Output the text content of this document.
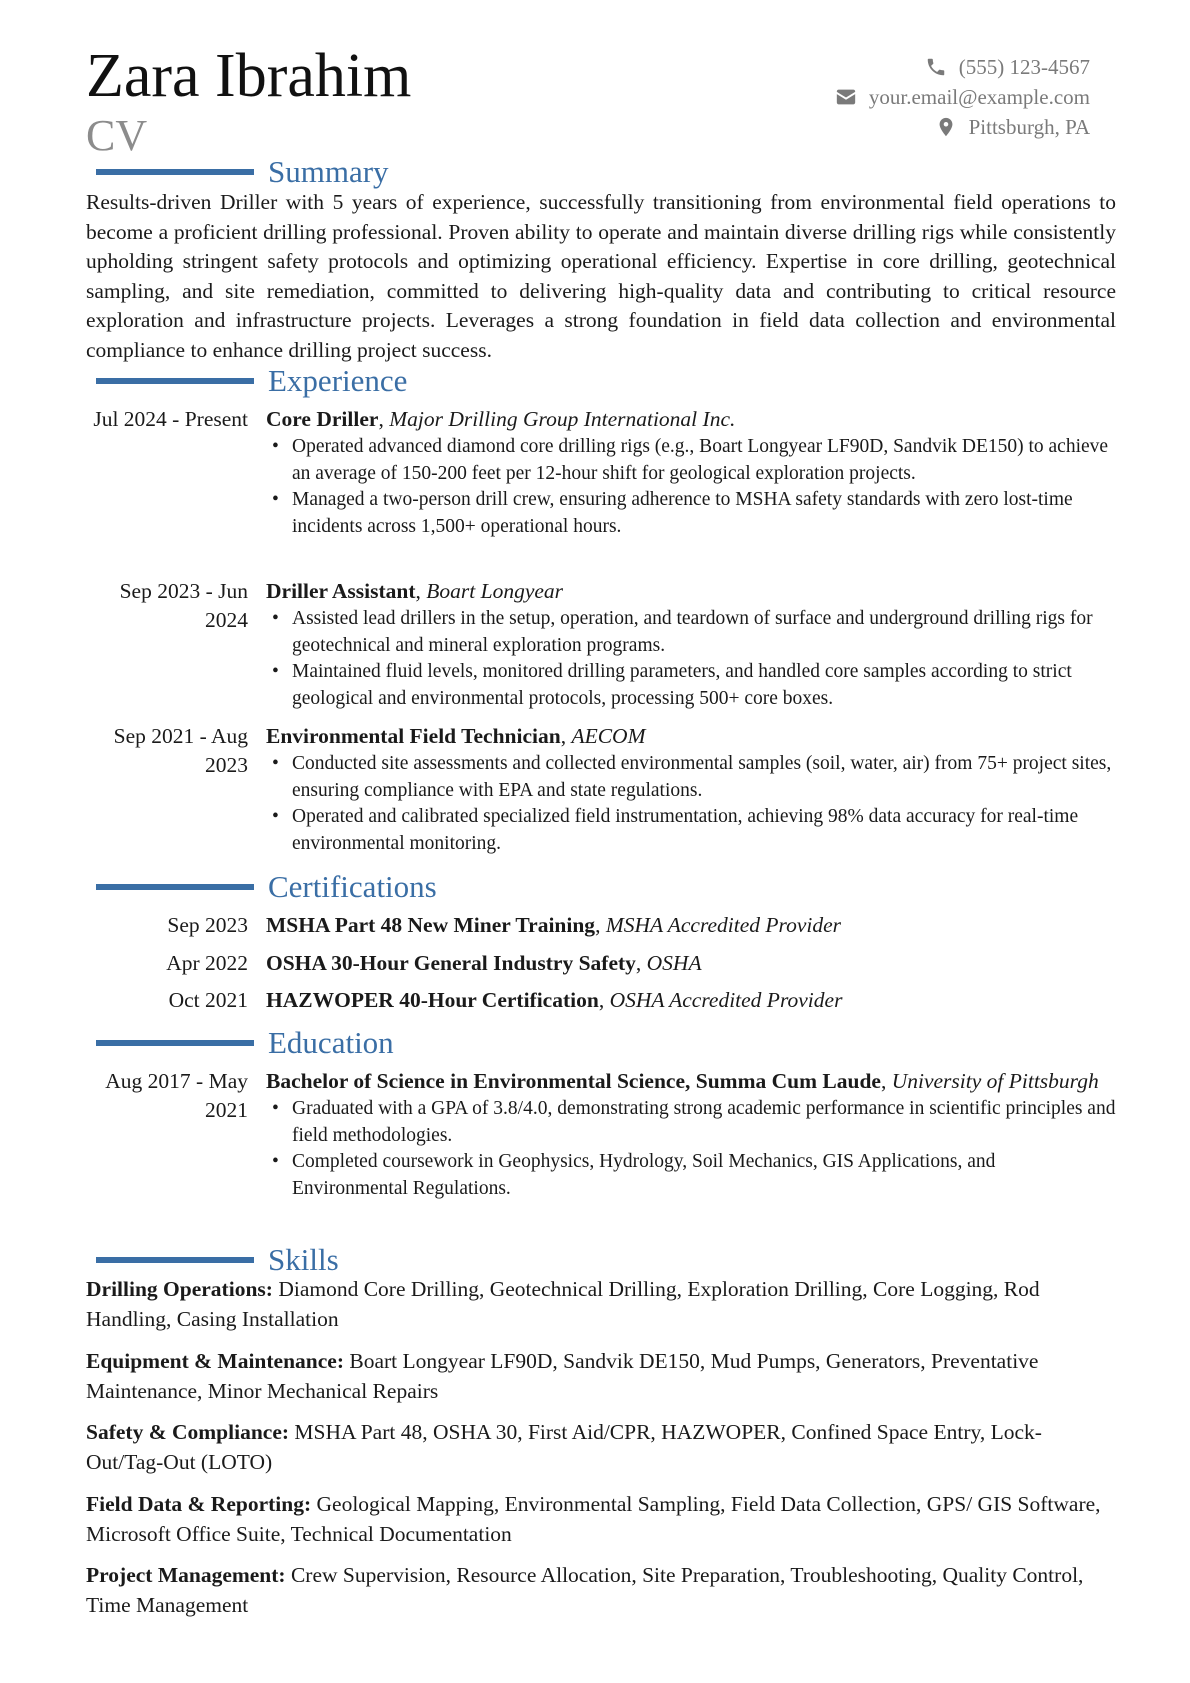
Zara Ibrahim
CV
(555) 123-4567
your.email@example.com
Pittsburgh, PA
Summary
Results-driven Driller with 5 years of experience, successfully transitioning from environmental field operations to become a proficient drilling professional. Proven ability to operate and maintain diverse drilling rigs while consistently upholding stringent safety protocols and optimizing operational efficiency. Expertise in core drilling, geotechnical sampling, and site remediation, committed to delivering high-quality data and contributing to critical resource exploration and infrastructure projects. Leverages a strong foundation in field data collection and environmental compliance to enhance drilling project success.
Experience
Jul 2024 - Present Core Driller, Major Drilling Group International Inc.
• Operated advanced diamond core drilling rigs (e.g., Boart Longyear LF90D, Sandvik DE150) to achieve an average of 150-200 feet per 12-hour shift for geological exploration projects.
• Managed a two-person drill crew, ensuring adherence to MSHA safety standards with zero lost-time incidents across 1,500+ operational hours.
Sep 2023 - Jun 2024
Driller Assistant, Boart Longyear
• Assisted lead drillers in the setup, operation, and teardown of surface and underground drilling rigs for geotechnical and mineral exploration programs.
• Maintained fluid levels, monitored drilling parameters, and handled core samples according to strict geological and environmental protocols, processing 500+ core boxes.
Sep 2021 - Aug 2023
Environmental Field Technician, AECOM
• Conducted site assessments and collected environmental samples (soil, water, air) from 75+ project sites, ensuring compliance with EPA and state regulations.
• Operated and calibrated specialized field instrumentation, achieving 98% data accuracy for real-time environmental monitoring.
Certifications
Sep 2023 MSHA Part 48 New Miner Training, MSHA Accredited Provider
Apr 2022 OSHA 30-Hour General Industry Safety, OSHA
Oct 2021 HAZWOPER 40-Hour Certification, OSHA Accredited Provider
Education
Aug 2017 - May 2021
Bachelor of Science in Environmental Science, Summa Cum Laude, University of Pittsburgh
• Graduated with a GPA of 3.8/4.0, demonstrating strong academic performance in scientific principles and field methodologies.
• Completed coursework in Geophysics, Hydrology, Soil Mechanics, GIS Applications, and Environmental Regulations.
Skills
Drilling Operations: Diamond Core Drilling, Geotechnical Drilling, Exploration Drilling, Core Logging, Rod Handling, Casing Installation
Equipment & Maintenance: Boart Longyear LF90D, Sandvik DE150, Mud Pumps, Generators, Preventative Maintenance, Minor Mechanical Repairs
Safety & Compliance: MSHA Part 48, OSHA 30, First Aid/CPR, HAZWOPER, Confined Space Entry, Lock-Out/Tag-Out (LOTO)
Field Data & Reporting: Geological Mapping, Environmental Sampling, Field Data Collection, GPS/ GIS Software, Microsoft Office Suite, Technical Documentation
Project Management: Crew Supervision, Resource Allocation, Site Preparation, Troubleshooting, Quality Control, Time Management
